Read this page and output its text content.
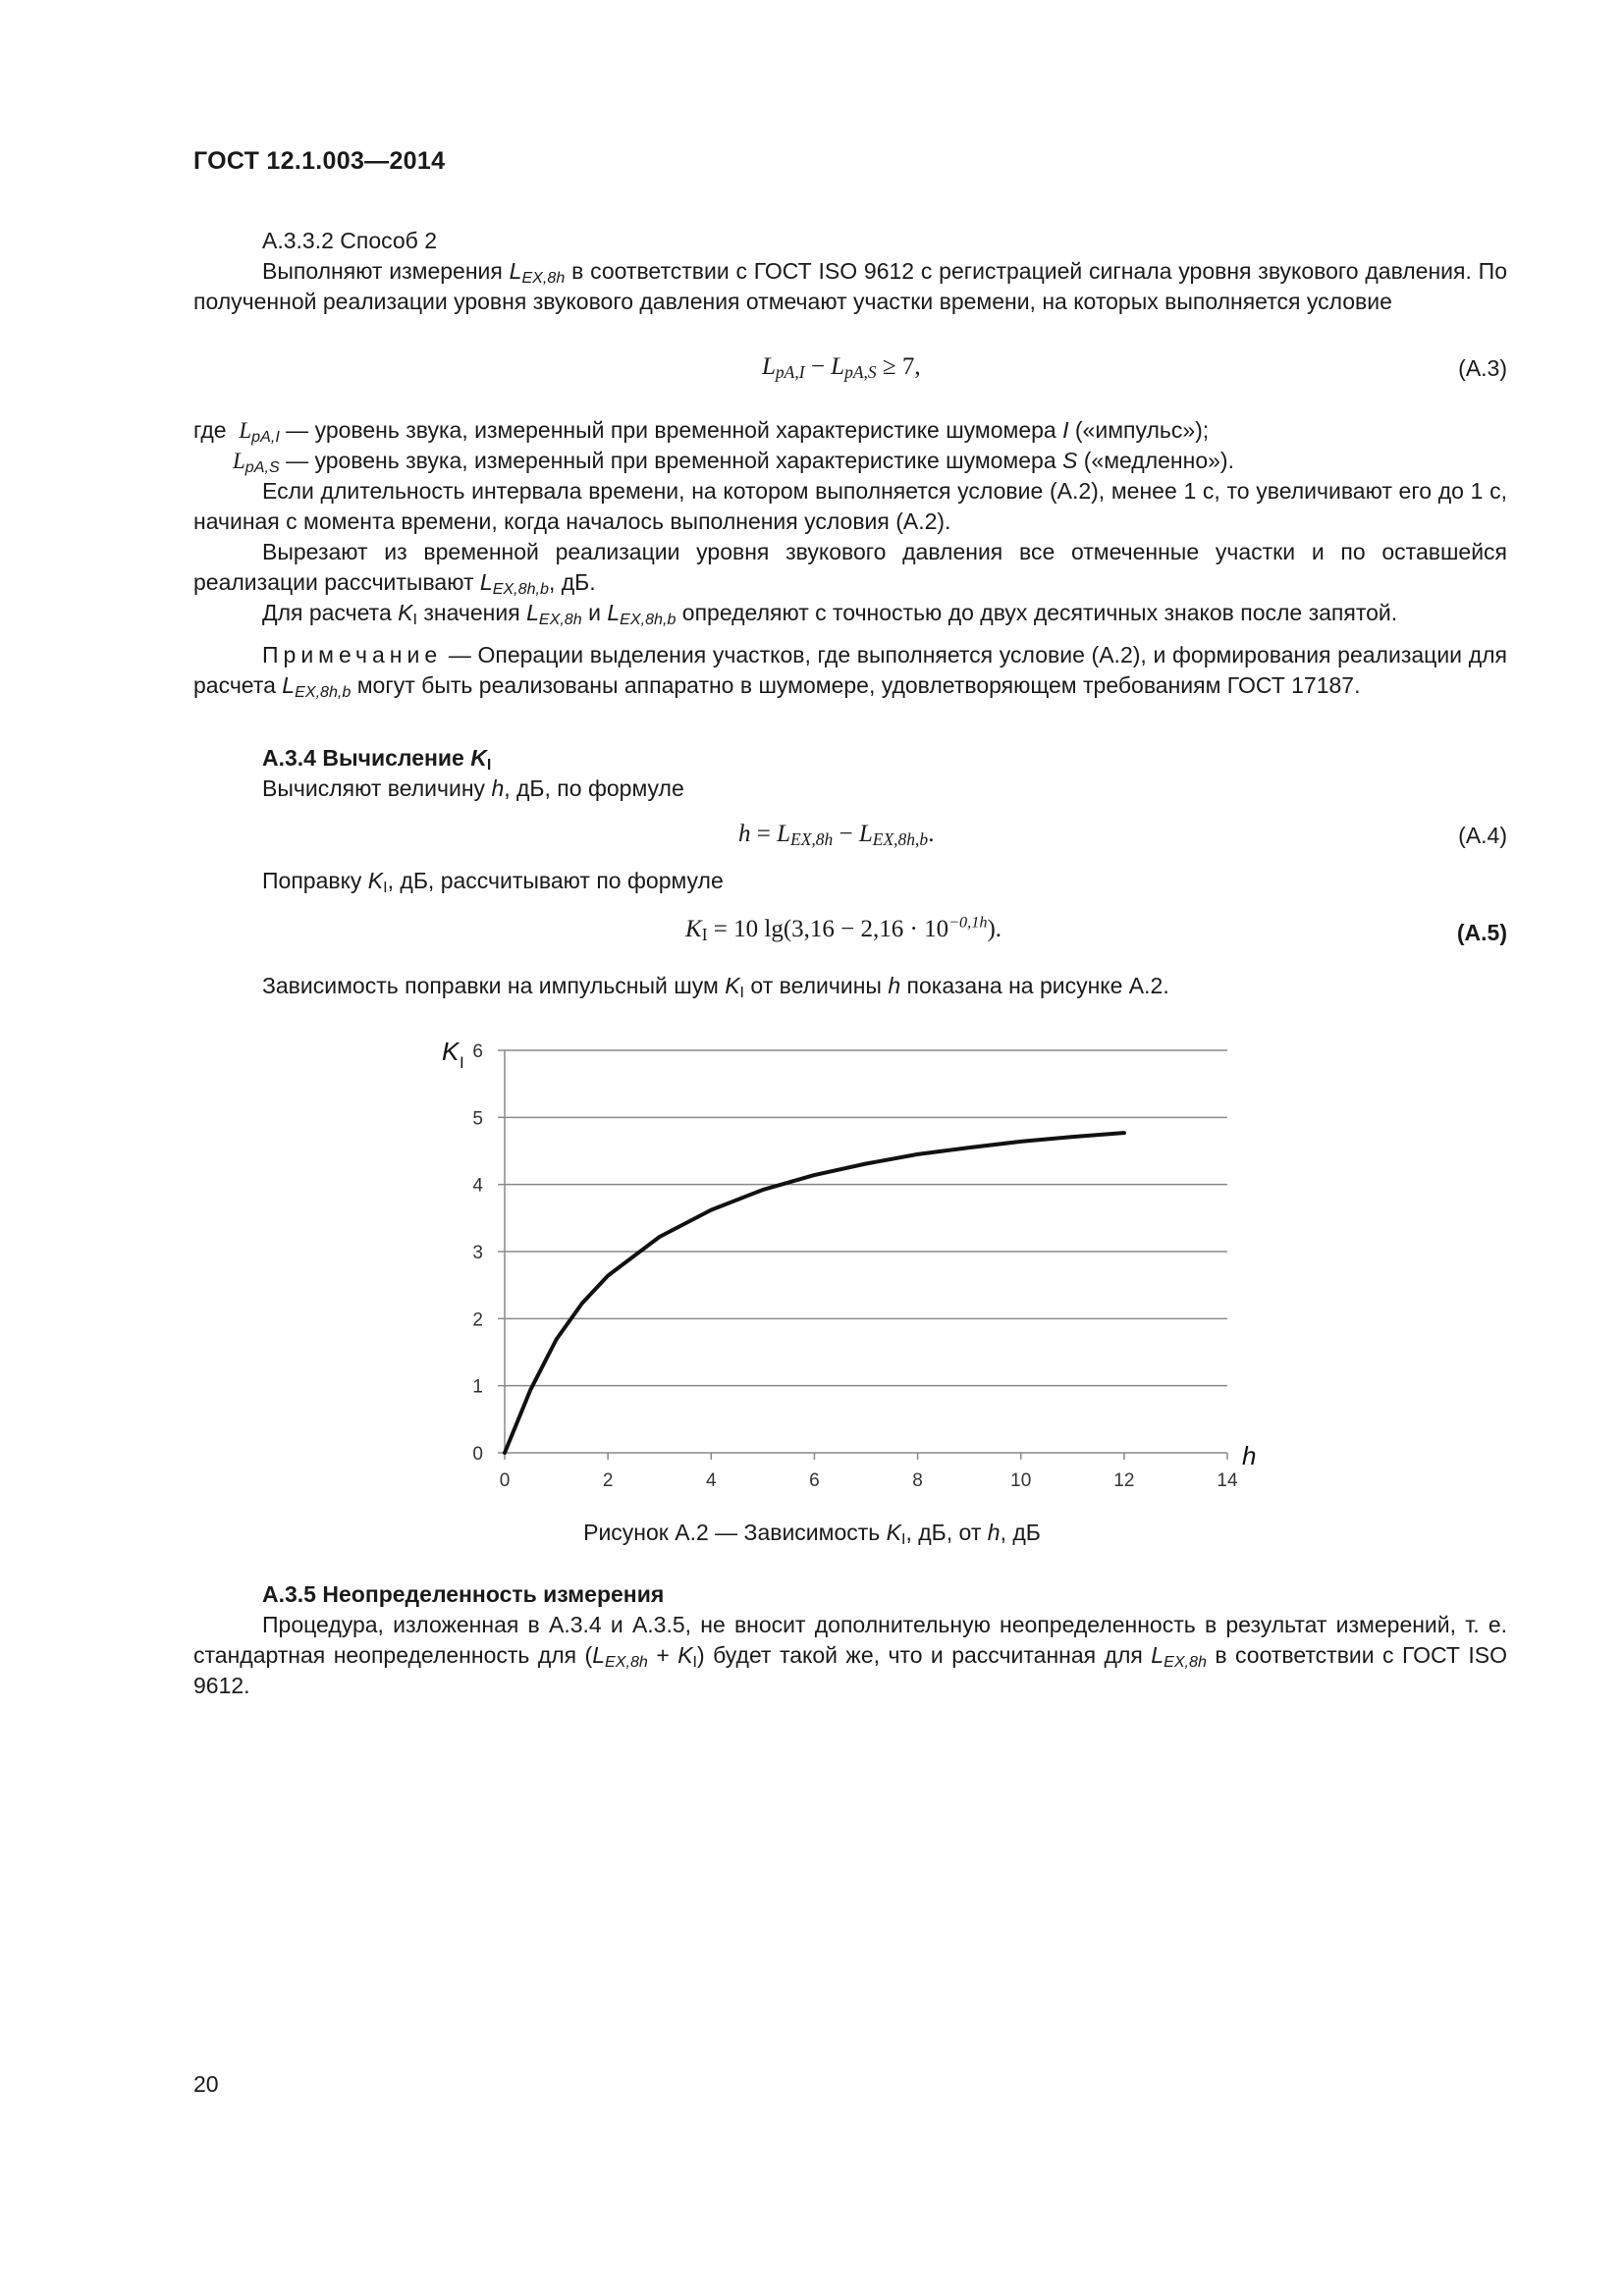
ГОСТ 12.1.003—2014
А.3.3.2 Способ 2
Выполняют измерения $L_{EX,8h}$ в соответствии с ГОСТ ISO 9612 с регистрацией сигнала уровня звукового давления. По полученной реализации уровня звукового давления отмечают участки времени, на которых выполняется условие
$L_{pA,I} - L_{pA,S} \ge 7$,	(А.3)
где $L_{pA,I}$ — уровень звука, измеренный при временной характеристике шумомера I («импульс»);
$L_{pA,S}$ — уровень звука, измеренный при временной характеристике шумомера S («медленно»).
Если длительность интервала времени, на котором выполняется условие (А.2), менее 1 с, то увеличивают его до 1 с, начиная с момента времени, когда началось выполнения условия (А.2).
Вырезают из временной реализации уровня звукового давления все отмеченные участки и по оставшейся реализации рассчитывают $L_{EX,8h,b}$, дБ.
Для расчета $K_I$ значения $L_{EX,8h}$ и $L_{EX,8h,b}$ определяют с точностью до двух десятичных знаков после запятой.
Примечание — Операции выделения участков, где выполняется условие (А.2), и формирования реализации для расчета $L_{EX,8h,b}$ могут быть реализованы аппаратно в шумомере, удовлетворяющем требованиям ГОСТ 17187.
А.3.4 Вычисление $K_I$
Вычисляют величину h, дБ, по формуле
$h = L_{EX,8h} - L_{EX,8h,b}$.	(А.4)
Поправку $K_I$, дБ, рассчитывают по формуле
$K_I = 10$ $\lg(3,16 - 2,16 \cdot 10^{-0,1h})$.	(А.5)
Зависимость поправки на импульсный шум $K_I$ от величины h показана на рисунке А.2.
0
1
2
3
4
5
6
0	2	4	6	8	10	12	14
K I
h
Рисунок А.2 — Зависимость $K_I$, дБ, от h, дБ
А.3.5 Неопределенность измерения
Процедура, изложенная в А.3.4 и А.3.5, не вносит дополнительную неопределенность в результат измерений, т. е. стандартная неопределенность для $(L_{EX,8h} + K_I)$ будет такой же, что и рассчитанная для $L_{EX,8h}$ в соответствии с ГОСТ ISO 9612.
20
